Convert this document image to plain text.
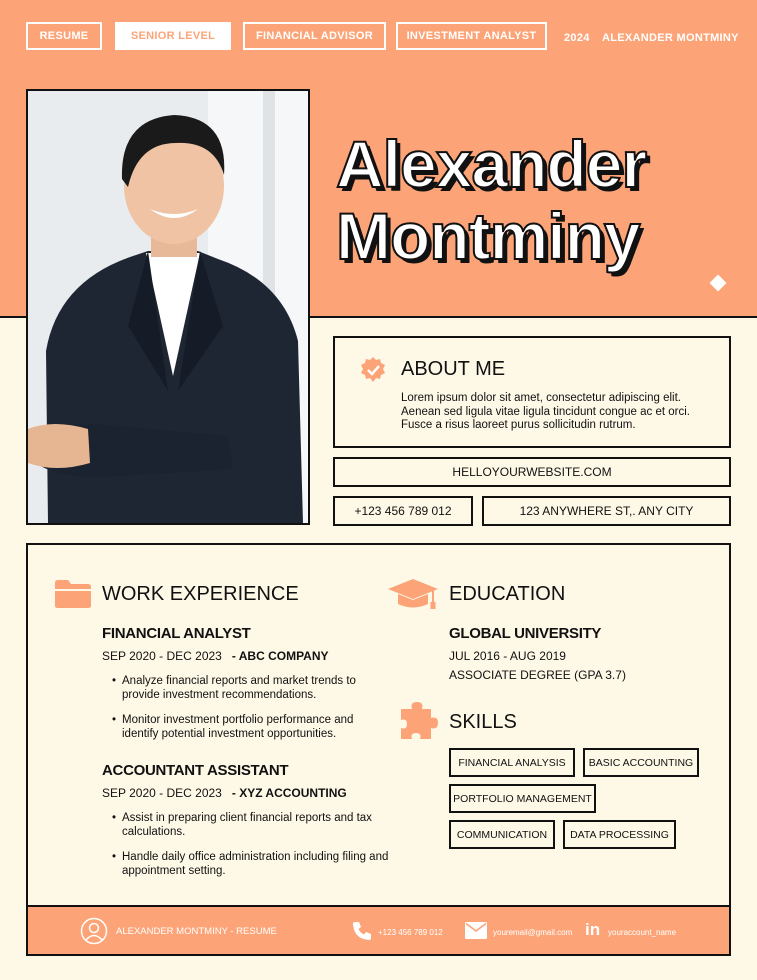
RESUME	SENIOR LEVEL	FINANCIAL ADVISOR	INVESTMENT ANALYST	2024 ALEXANDER MONTMINY
Alexander
Montminy
ABOUT ME
Lorem ipsum dolor sit amet, consectetur adipiscing elit. Aenean sed ligula vitae ligula tincidunt congue ac et orci. Fusce a risus laoreet purus sollicitudin rutrum.
HELLOYOURWEBSITE.COM
+123 456 789 012	123 ANYWHERE ST,. ANY CITY
WORK EXPERIENCE
FINANCIAL ANALYST
SEP 2020 - DEC 2023 - ABC COMPANY
• Analyze financial reports and market trends to provide investment recommendations.
• Monitor investment portfolio performance and identify potential investment opportunities.
ACCOUNTANT ASSISTANT
SEP 2020 - DEC 2023 - XYZ ACCOUNTING
• Assist in preparing client financial reports and tax calculations.
• Handle daily office administration including filing and appointment setting.
EDUCATION
GLOBAL UNIVERSITY
JUL 2016 - AUG 2019
ASSOCIATE DEGREE (GPA 3.7)
SKILLS
FINANCIAL ANALYSIS	BASIC ACCOUNTING
PORTFOLIO MANAGEMENT
COMMUNICATION	DATA PROCESSING
ALEXANDER MONTMINY - RESUME	+123 456 789 012	youremail@gmail.com in youraccount_name
